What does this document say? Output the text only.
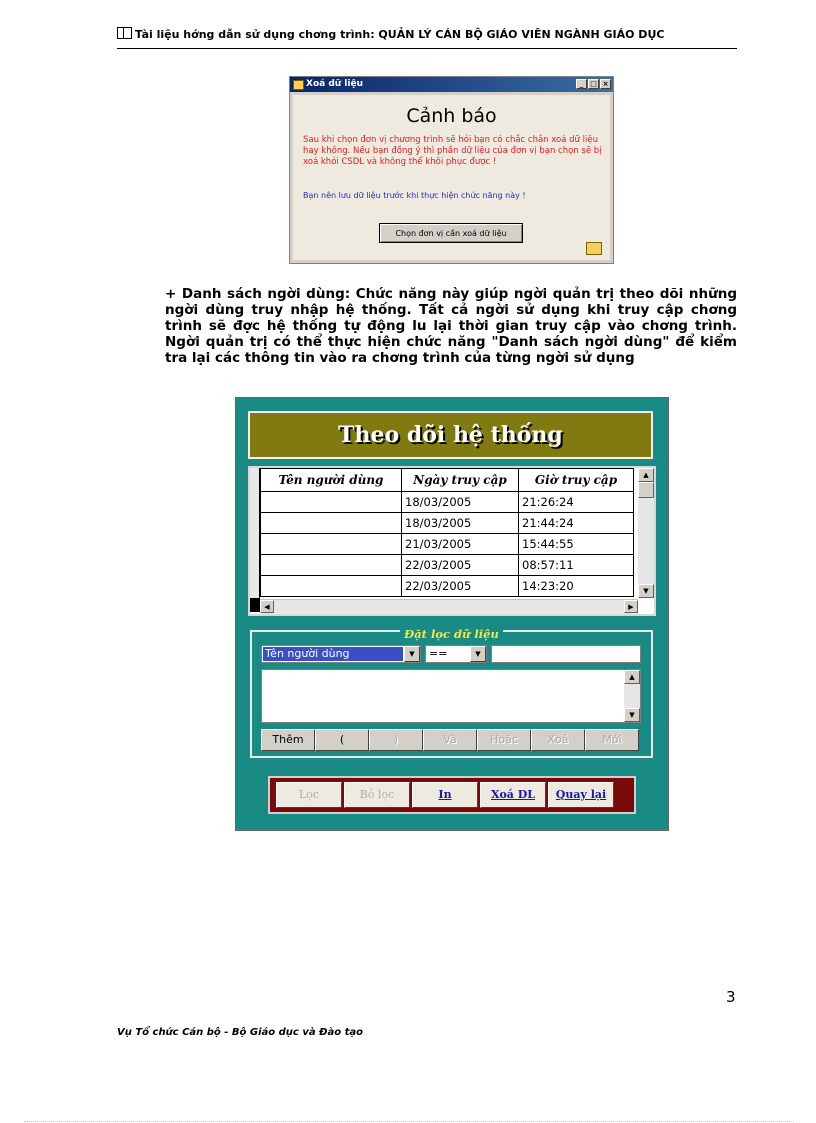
Tài liệu hớng dẫn sử dụng chơng trình: QUẢN LÝ CÁN BỘ GIÁO VIÊN NGÀNH GIÁO DỤC
Xoá dữ liệu	_ □ ×
Cảnh báo
Sau khi chọn đơn vị chương trình sẽ hỏi bạn có chắc chắn xoá dữ liệu hay không. Nếu bạn đồng ý thì phần dữ liệu của đơn vị bạn chọn sẽ bị xoá khỏi CSDL và không thể khôi phục được !
Bạn nên lưu dữ liệu trước khi thực hiện chức năng này !
Chọn đơn vị cần xoá dữ liệu
+ Danh sách ngời dùng: Chức năng này giúp ngời quản trị theo dõi những ngời dùng truy nhập hệ thống. Tất cả ngời sử dụng khi truy cập chơng trình sẽ đợc hệ thống tự động lu lại thời gian truy cập vào chơng trình. Ngời quản trị có thể thực hiện chức năng "Danh sách ngời dùng" để kiểm tra lại các thông tin vào ra chơng trình của từng ngời sử dụng
Theo dõi hệ thống
Tên người dùng	Ngày truy cập	Giờ truy cập
	18/03/2005	21:26:24
	18/03/2005	21:44:24
	21/03/2005	15:44:55
	22/03/2005	08:57:11
	22/03/2005	14:23:20
▲
▼
◀	▶
Đặt lọc dữ liệu
Tên người dùng	▼	==	▼
▲
▼
Thêm	(	)	Và	Hoặc	Xoá	Mới
Lọc	Bỏ lọc	In	Xoá DL	Quay lại
3
Vụ Tổ chức Cán bộ - Bộ Giáo dục và Đào tạo
